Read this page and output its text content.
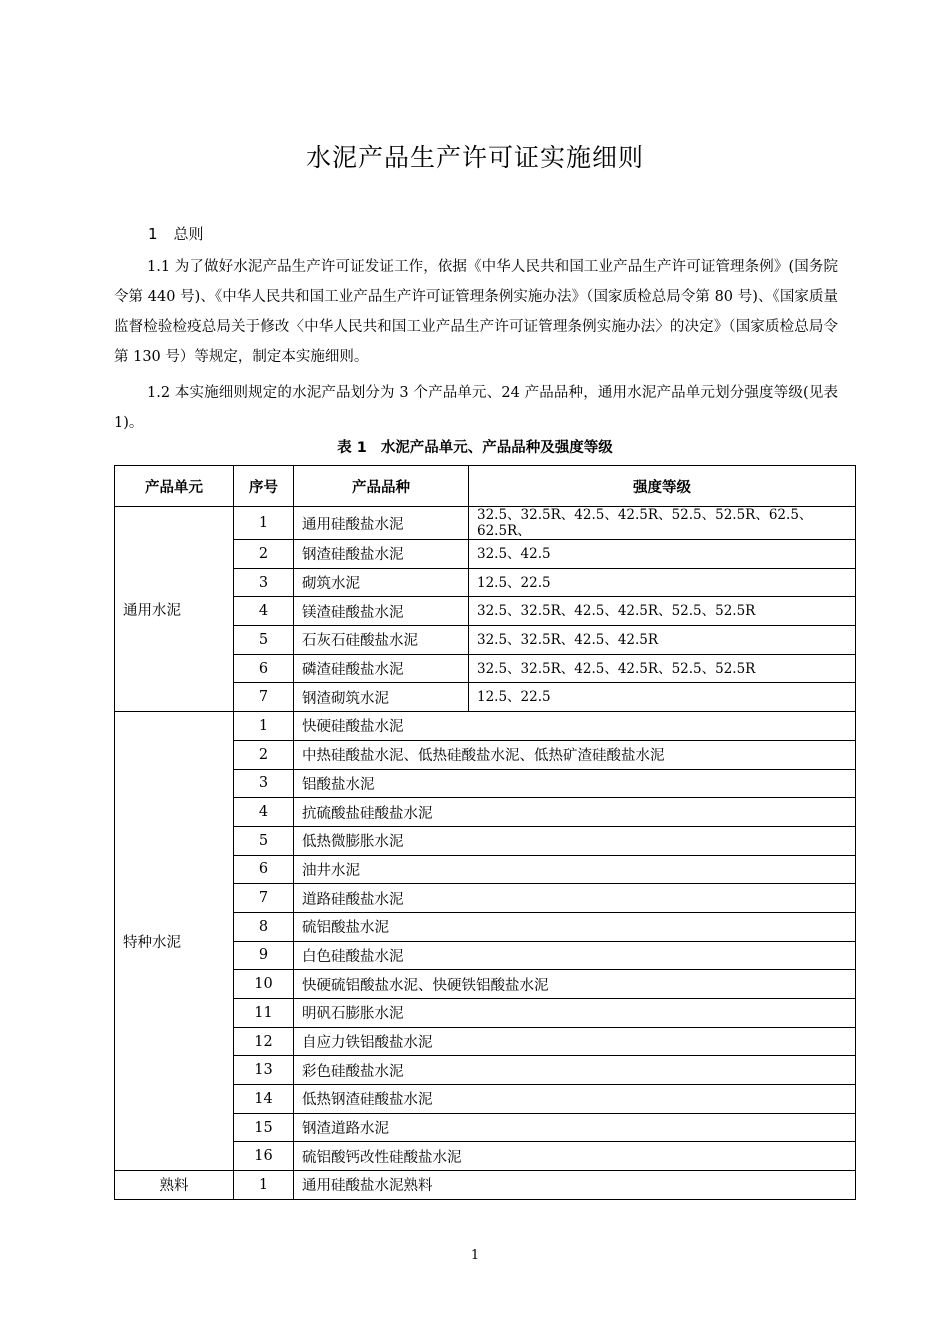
水泥产品生产许可证实施细则
1 总则
1.1 为了做好水泥产品生产许可证发证工作，依据《中华人民共和国工业产品生产许可证管理条例》(国务院令第 440 号)、《中华人民共和国工业产品生产许可证管理条例实施办法》（国家质检总局令第 80 号)、《国家质量监督检验检疫总局关于修改〈中华人民共和国工业产品生产许可证管理条例实施办法〉的决定》（国家质检总局令第 130 号）等规定，制定本实施细则。
1.2 本实施细则规定的水泥产品划分为 3 个产品单元、24 产品品种，通用水泥产品单元划分强度等级(见表 1)。
表 1 水泥产品单元、产品品种及强度等级
产品单元	序号	产品品种	强度等级
通用水泥	1	通用硅酸盐水泥	32.5、32.5R、42.5、42.5R、52.5、52.5R、62.5、62.5R、
	2	钢渣硅酸盐水泥	32.5、42.5
	3	砌筑水泥	12.5、22.5
	4	镁渣硅酸盐水泥	32.5、32.5R、42.5、42.5R、52.5、52.5R
	5	石灰石硅酸盐水泥	32.5、32.5R、42.5、42.5R
	6	磷渣硅酸盐水泥	32.5、32.5R、42.5、42.5R、52.5、52.5R
	7	钢渣砌筑水泥	12.5、22.5
特种水泥	1	快硬硅酸盐水泥	
	2	中热硅酸盐水泥、低热硅酸盐水泥、低热矿渣硅酸盐水泥	
	3	铝酸盐水泥	
	4	抗硫酸盐硅酸盐水泥	
	5	低热微膨胀水泥	
	6	油井水泥	
	7	道路硅酸盐水泥	
	8	硫铝酸盐水泥	
	9	白色硅酸盐水泥	
	10	快硬硫铝酸盐水泥、快硬铁铝酸盐水泥	
	11	明矾石膨胀水泥	
	12	自应力铁铝酸盐水泥	
	13	彩色硅酸盐水泥	
	14	低热钢渣硅酸盐水泥	
	15	钢渣道路水泥	
	16	硫铝酸钙改性硅酸盐水泥	
熟料	1	通用硅酸盐水泥熟料	
1
